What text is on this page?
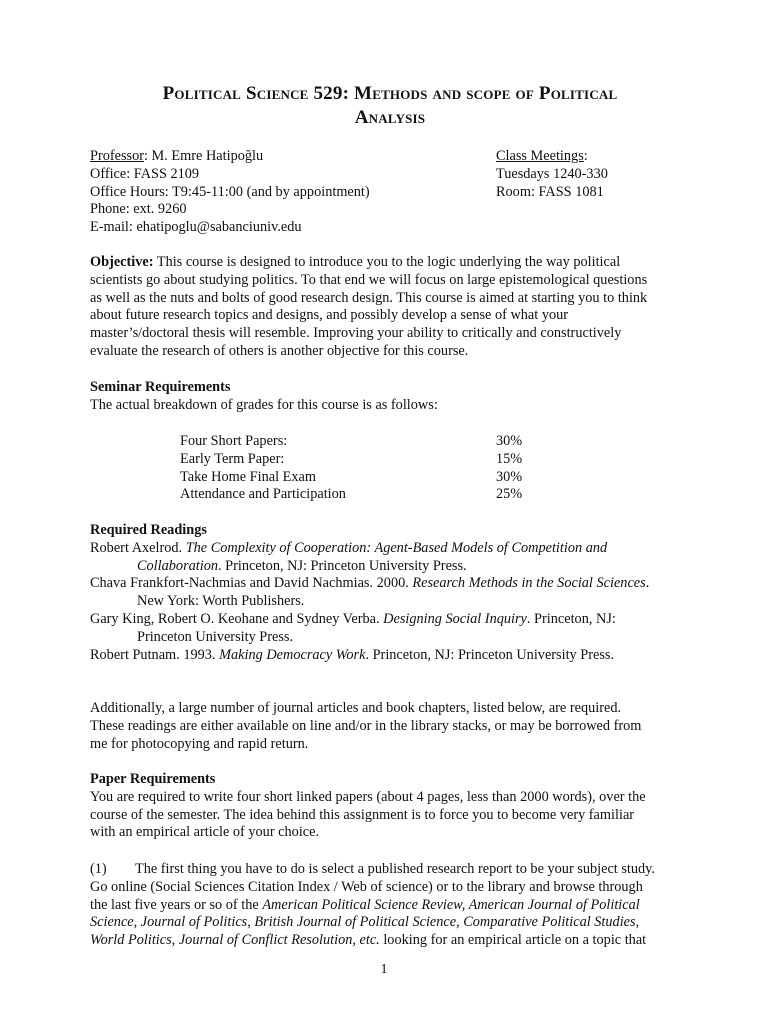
Political Science 529: Methods and scope of Political
Analysis
Professor: M. Emre Hatipoğlu
Office: FASS 2109
Office Hours: T9:45-11:00 (and by appointment)
Phone: ext. 9260
E-mail: ehatipoglu@sabanciuniv.edu
Class Meetings:
Tuesdays 1240-330
Room: FASS 1081
Objective: This course is designed to introduce you to the logic underlying the way political
scientists go about studying politics. To that end we will focus on large epistemological questions
as well as the nuts and bolts of good research design. This course is aimed at starting you to think
about future research topics and designs, and possibly develop a sense of what your
master’s/doctoral thesis will resemble. Improving your ability to critically and constructively
evaluate the research of others is another objective for this course.
Seminar Requirements
The actual breakdown of grades for this course is as follows:
Four Short Papers:	30%
Early Term Paper:	15%
Take Home Final Exam	30%
Attendance and Participation	25%
Required Readings
Robert Axelrod. The Complexity of Cooperation: Agent-Based Models of Competition and
Collaboration. Princeton, NJ: Princeton University Press.
Chava Frankfort-Nachmias and David Nachmias. 2000. Research Methods in the Social Sciences.
New York: Worth Publishers.
Gary King, Robert O. Keohane and Sydney Verba. Designing Social Inquiry. Princeton, NJ:
Princeton University Press.
Robert Putnam. 1993. Making Democracy Work. Princeton, NJ: Princeton University Press.
Additionally, a large number of journal articles and book chapters, listed below, are required.
These readings are either available on line and/or in the library stacks, or may be borrowed from
me for photocopying and rapid return.
Paper Requirements
You are required to write four short linked papers (about 4 pages, less than 2000 words), over the
course of the semester. The idea behind this assignment is to force you to become very familiar
with an empirical article of your choice.
(1) The first thing you have to do is select a published research report to be your subject study.
Go online (Social Sciences Citation Index / Web of science) or to the library and browse through
the last five years or so of the American Political Science Review, American Journal of Political
Science, Journal of Politics, British Journal of Political Science, Comparative Political Studies,
World Politics, Journal of Conflict Resolution, etc. looking for an empirical article on a topic that
1
